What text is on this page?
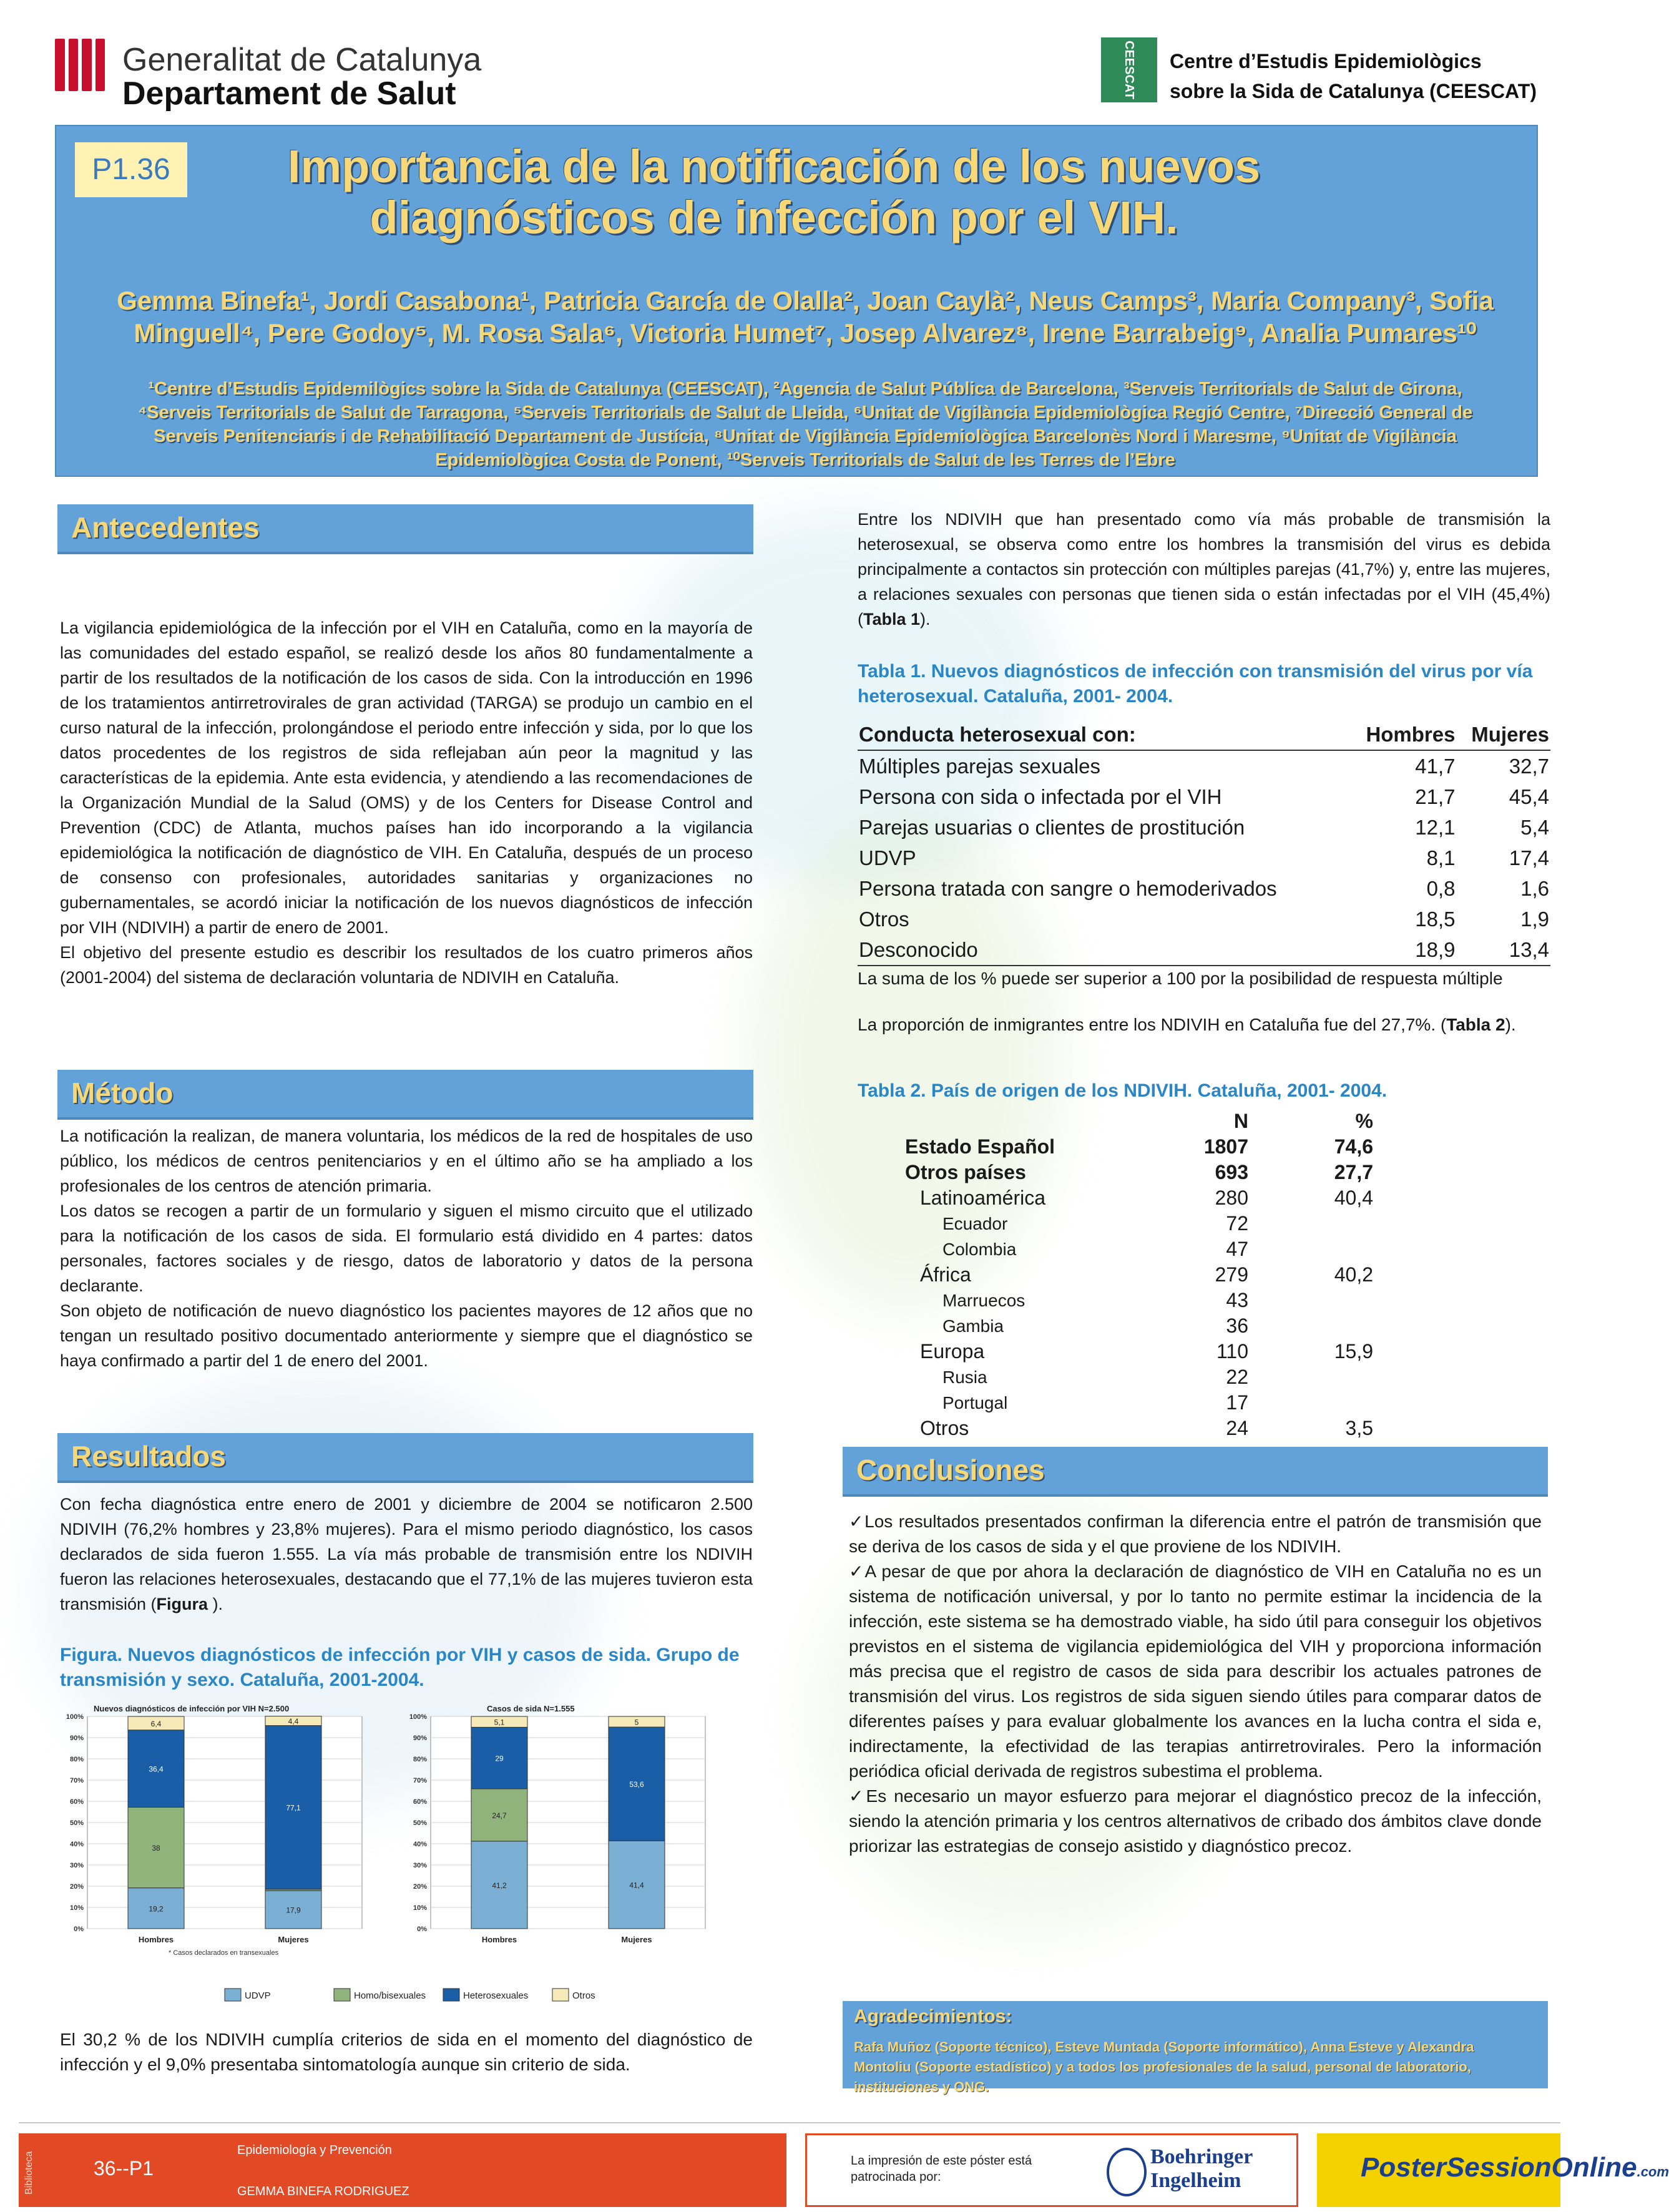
Generalitat de Catalunya
Departament de Salut	CEESCAT	Centre d’Estudis Epidemiològics
sobre la Sida de Catalunya (CEESCAT)
P1.36	Importancia de la notificación de los nuevos
diagnósticos de infección por el VIH.
Gemma Binefa¹, Jordi Casabona¹, Patricia García de Olalla², Joan Caylà², Neus Camps³, Maria Company³, Sofia
Minguell⁴, Pere Godoy⁵, M. Rosa Sala⁶, Victoria Humet⁷, Josep Alvarez⁸, Irene Barrabeig⁹, Analia Pumares¹⁰
¹Centre d’Estudis Epidemilògics sobre la Sida de Catalunya (CEESCAT), ²Agencia de Salut Pública de Barcelona, ³Serveis Territorials de Salut de Girona,
⁴Serveis Territorials de Salut de Tarragona, ⁵Serveis Territorials de Salut de Lleida, ⁶Unitat de Vigilància Epidemiològica Regió Centre, ⁷Direcció General de
Serveis Penitenciaris i de Rehabilitació Departament de Justícia, ⁸Unitat de Vigilància Epidemiològica Barcelonès Nord i Maresme, ⁹Unitat de Vigilància
Epidemiològica Costa de Ponent, ¹⁰Serveis Territorials de Salut de les Terres de l’Ebre
Antecedentes

La vigilancia epidemiológica de la infección por el VIH en Cataluña, como en la mayoría de las comunidades del estado español, se realizó desde los años 80 fundamentalmente a partir de los resultados de la notificación de los casos de sida. Con la introducción en 1996 de los tratamientos antirretrovirales de gran actividad (TARGA) se produjo un cambio en el curso natural de la infección, prolongándose el periodo entre infección y sida, por lo que los datos procedentes de los registros de sida reflejaban aún peor la magnitud y las características de la epidemia. Ante esta evidencia, y atendiendo a las recomendaciones de la Organización Mundial de la Salud (OMS) y de los Centers for Disease Control and Prevention (CDC) de Atlanta, muchos países han ido incorporando a la vigilancia epidemiológica la notificación de diagnóstico de VIH. En Cataluña, después de un proceso de consenso con profesionales, autoridades sanitarias y organizaciones no gubernamentales, se acordó iniciar la notificación de los nuevos diagnósticos de infección por VIH (NDIVIH) a partir de enero de 2001.

El objetivo del presente estudio es describir los resultados de los cuatro primeros años (2001-2004) del sistema de declaración voluntaria de NDIVIH en Cataluña.

Método

La notificación la realizan, de manera voluntaria, los médicos de la red de hospitales de uso público, los médicos de centros penitenciarios y en el último año se ha ampliado a los profesionales de los centros de atención primaria.

Los datos se recogen a partir de un formulario y siguen el mismo circuito que el utilizado para la notificación de los casos de sida. El formulario está dividido en 4 partes: datos personales, factores sociales y de riesgo, datos de laboratorio y datos de la persona declarante.

Son objeto de notificación de nuevo diagnóstico los pacientes mayores de 12 años que no tengan un resultado positivo documentado anteriormente y siempre que el diagnóstico se haya confirmado a partir del 1 de enero del 2001.

Resultados

Con fecha diagnóstica entre enero de 2001 y diciembre de 2004 se notificaron 2.500 NDIVIH (76,2% hombres y 23,8% mujeres). Para el mismo periodo diagnóstico, los casos declarados de sida fueron 1.555. La vía más probable de transmisión entre los NDIVIH fueron las relaciones heterosexuales, destacando que el 77,1% de las mujeres tuvieron esta transmisión (Figura ).

Figura. Nuevos diagnósticos de infección por VIH y casos de sida. Grupo de transmisión y sexo. Cataluña, 2001-2004.
0%
10%
20%
30%
40%
50%
60%
70%
80%
90%
100%
Nuevos diagnósticos de infección por VIH N=2.500
19,2
38
36,4
6,4
Hombres
17,9
77,1
4,4
Mujeres
* Casos declarados en transexuales
0%
10%
20%
30%
40%
50%
60%
70%
80%
90%
100%
Casos de sida N=1.555
41,2
24,7
29
5,1
Hombres
41,4
53,6
5
Mujeres
UDVP	Homo/bisexuales	Heterosexuales	Otros

El 30,2 % de los NDIVIH cumplía criterios de sida en el momento del diagnóstico de infección y el 9,0% presentaba sintomatología aunque sin criterio de sida.

Entre los NDIVIH que han presentado como vía más probable de transmisión la heterosexual, se observa como entre los hombres la transmisión del virus es debida principalmente a contactos sin protección con múltiples parejas (41,7%) y, entre las mujeres, a relaciones sexuales con personas que tienen sida o están infectadas por el VIH (45,4%) (Tabla 1).

Tabla 1. Nuevos diagnósticos de infección con transmisión del virus por vía heterosexual. Cataluña, 2001- 2004.
Conducta heterosexual con:	Hombres	Mujeres
Múltiples parejas sexuales	41,7	32,7
Persona con sida o infectada por el VIH	21,7	45,4
Parejas usuarias o clientes de prostitución	12,1	5,4
UDVP	8,1	17,4
Persona tratada con sangre o hemoderivados	0,8	1,6
Otros	18,5	1,9
Desconocido	18,9	13,4
La suma de los % puede ser superior a 100 por la posibilidad de respuesta múltiple

La proporción de inmigrantes entre los NDIVIH en Cataluña fue del 27,7%. (Tabla 2).

Tabla 2. País de origen de los NDIVIH. Cataluña, 2001- 2004.
	N	%
Estado Español	1807	74,6
Otros países	693	27,7
Latinoamérica	280	40,4
Ecuador	72	
Colombia	47	
África	279	40,2
Marruecos	43	
Gambia	36	
Europa	110	15,9
Rusia	22	
Portugal	17	
Otros	24	3,5
Conclusiones

✓Los resultados presentados confirman la diferencia entre el patrón de transmisión que se deriva de los casos de sida y el que proviene de los NDIVIH.

✓A pesar de que por ahora la declaración de diagnóstico de VIH en Cataluña no es un sistema de notificación universal, y por lo tanto no permite estimar la incidencia de la infección, este sistema se ha demostrado viable, ha sido útil para conseguir los objetivos previstos en el sistema de vigilancia epidemiológica del VIH y proporciona información más precisa que el registro de casos de sida para describir los actuales patrones de transmisión del virus. Los registros de sida siguen siendo útiles para comparar datos de diferentes países y para evaluar globalmente los avances en la lucha contra el sida e, indirectamente, la efectividad de las terapias antirretrovirales. Pero la información periódica oficial derivada de registros subestima el problema.

✓Es necesario un mayor esfuerzo para mejorar el diagnóstico precoz de la infección, siendo la atención primaria y los centros alternativos de cribado dos ámbitos clave donde priorizar las estrategias de consejo asistido y diagnóstico precoz.

Agradecimientos:
Rafa Muñoz (Soporte técnico), Esteve Muntada (Soporte informático), Anna Esteve y Alexandra Montoliu (Soporte estadístico) y a todos los profesionales de la salud, personal de laboratorio, instituciones y ONG.
Biblioteca	36--P1
Epidemiología y Prevención
GEMMA BINEFA RODRIGUEZ
La impresión de este póster está patrocinada por:
Boehringer
Ingelheim	PosterSessionOnline.com
